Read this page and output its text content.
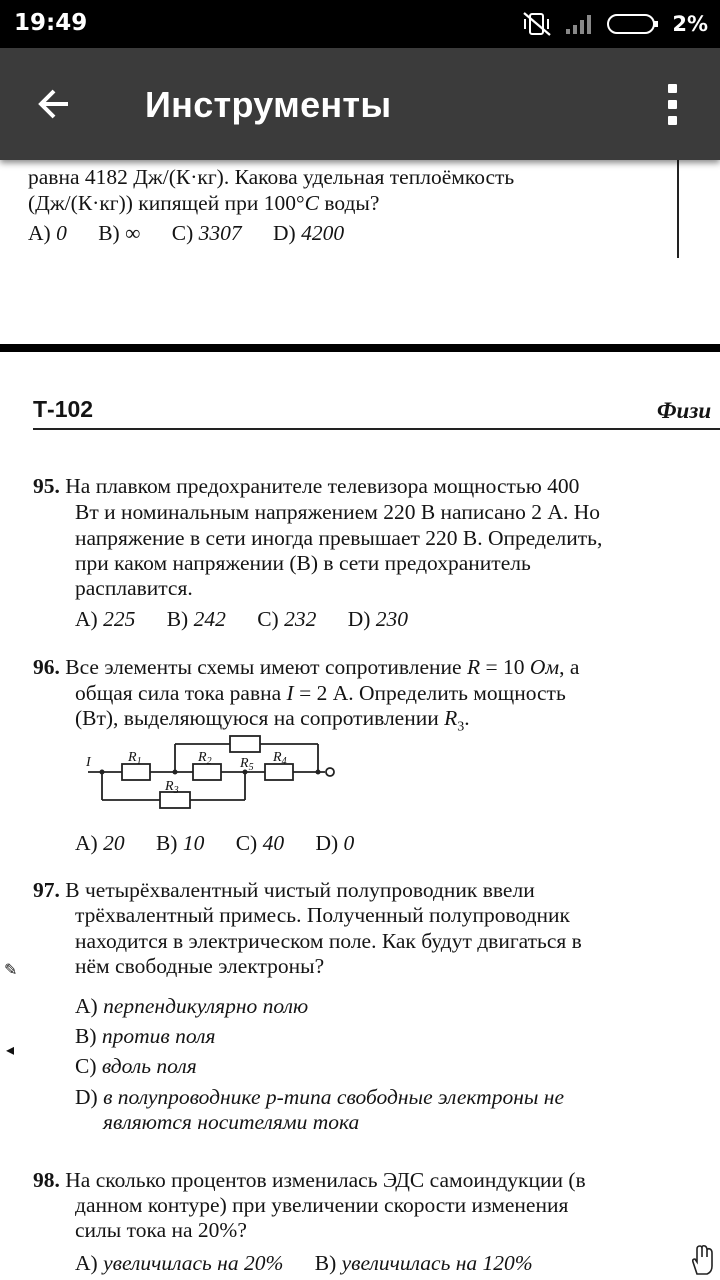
19:49	2%
Инструменты
равна 4182 Дж/(К·кг). Какова удельная теплоёмкость
(Дж/(К·кг)) кипящей при 100°C воды?
A) 0 B) ∞ C) 3307 D) 4200
Т-102	Физи
95. На плавком предохранителе телевизора мощностью 400
Вт и номинальным напряжением 220 В написано 2 А. Но
напряжение в сети иногда превышает 220 В. Определить,
при каком напряжении (В) в сети предохранитель
расплавится.
A) 225 B) 242 C) 232 D) 230
96. Все элементы схемы имеют сопротивление R = 10 Ом, а
общая сила тока равна I = 2 А. Определить мощность
(Вт), выделяющуюся на сопротивлении $R_3$.
I	$R_1$	$R_2$ $R_5$
$R_4$
$R_3$
A) 20 B) 10 C) 40 D) 0
97. В четырёхвалентный чистый полупроводник ввели
трёхвалентный примесь. Полученный полупроводник
находится в электрическом поле. Как будут двигаться в
нём свободные электроны?
A) перпендикулярно полю
B) против поля
C) вдоль поля
D) в полупроводнике p-типа свободные электроны не
являются носителями тока
✎
◂
98. На сколько процентов изменилась ЭДС самоиндукции (в
данном контуре) при увеличении скорости изменения
силы тока на 20%?
A) увеличилась на 20% B) увеличилась на 120%
